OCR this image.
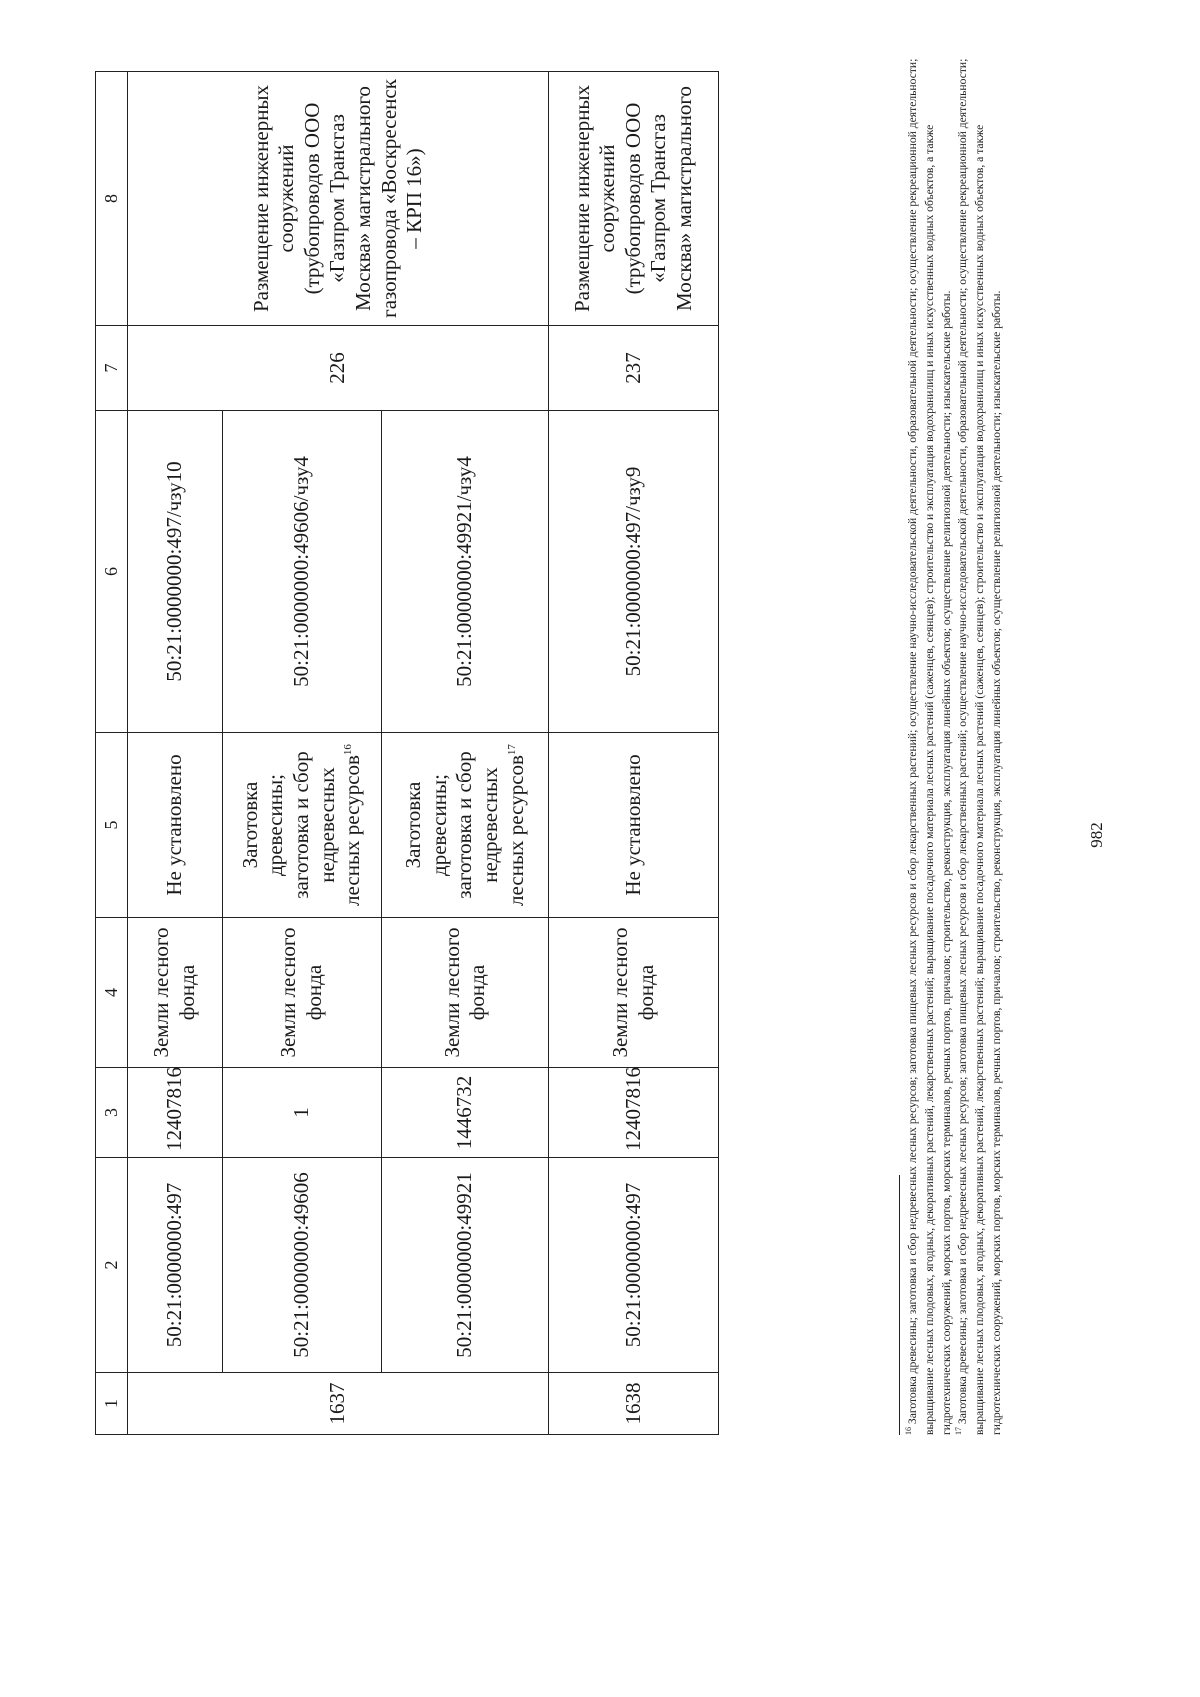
982
1	2	3	4	5	6	7	8
1637	50:21:0000000:497	12407816	Земли лесного фонда	Не установлено	50:21:0000000:497/чзу10	226	Размещение инженерных сооружений (трубопроводов ООО «Газпром Трансгаз Москва» магистрального газопровода «Воскресенск – КРП 16»)
	50:21:0000000:49606	1	Земли лесного фонда	Заготовка древесины; заготовка и сбор недревесных лесных ресурсов$^{16}$	50:21:0000000:49606/чзу4		
	50:21:0000000:49921	1446732	Земли лесного фонда	Заготовка древесины; заготовка и сбор недревесных лесных ресурсов$^{17}$	50:21:0000000:49921/чзу4		
1638	50:21:0000000:497	12407816	Земли лесного фонда	Не установлено	50:21:0000000:497/чзу9	237	Размещение инженерных сооружений (трубопроводов ООО «Газпром Трансгаз Москва» магистрального

$^{16}$ Заготовка древесины; заготовка и сбор недревесных лесных ресурсов; заготовка пищевых лесных ресурсов и сбор лекарственных растений; осуществление научно-исследовательской деятельности, образовательной деятельности; осуществление рекреационной деятельности; выращивание лесных плодовых, ягодных, декоративных растений, лекарственных растений; выращивание посадочного материала лесных растений (саженцев, сеянцев); строительство и эксплуатация водохранилищ и иных искусственных водных объектов, а также гидротехнических сооружений, морских портов, морских терминалов, речных портов, причалов; строительство, реконструкция, эксплуатация линейных объектов; осуществление религиозной деятельности; изыскательские работы. $^{17}$ Заготовка древесины; заготовка и сбор недревесных лесных ресурсов; заготовка пищевых лесных ресурсов и сбор лекарственных растений; осуществление научно-исследовательской деятельности, образовательной деятельности; осуществление рекреационной деятельности; выращивание лесных плодовых, ягодных, декоративных растений, лекарственных растений; выращивание посадочного материала лесных растений (саженцев, сеянцев); строительство и эксплуатация водохранилищ и иных искусственных водных объектов, а также гидротехнических сооружений, морских портов, морских терминалов, речных портов, причалов; строительство, реконструкция, эксплуатация линейных объектов; осуществление религиозной деятельности; изыскательские работы.
